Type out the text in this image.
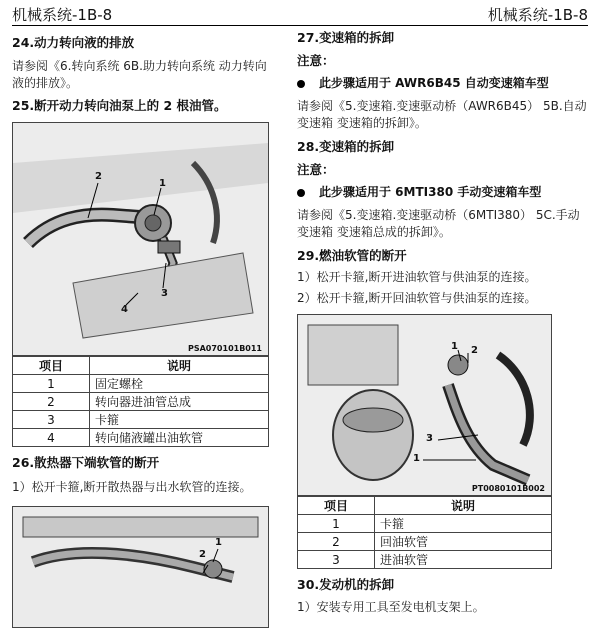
机械系统-1B-8	机械系统-1B-8

24.动力转向液的排放

请参阅《6.转向系统 6B.助力转向系统 动力转向液的排放》。

25.断开动力转向油泵上的 2 根油管。

2
1
3
4
PSA070101B011
项目	说明
1	固定螺栓
2	转向器进油管总成
3	卡箍
4	转向储液罐出油软管

26.散热器下端软管的断开

1）松开卡箍,断开散热器与出水软管的连接。

1
2

27.变速箱的拆卸

注意：

此步骤适用于 AWR6B45 自动变速箱车型

请参阅《5.变速箱.变速驱动桥（AWR6B45） 5B.自动变速箱 变速箱的拆卸》。

28.变速箱的拆卸

注意：

此步骤适用于 6MTI380 手动变速箱车型

请参阅《5.变速箱.变速驱动桥（6MTI380） 5C.手动变速箱 变速箱总成的拆卸》。

29.燃油软管的断开

1）松开卡箍,断开进油软管与供油泵的连接。

2）松开卡箍,断开回油软管与供油泵的连接。

1 2
3
1
PT0080101B002
项目	说明
1	卡箍
2	回油软管
3	进油软管

30.发动机的拆卸

1）安装专用工具至发电机支架上。
